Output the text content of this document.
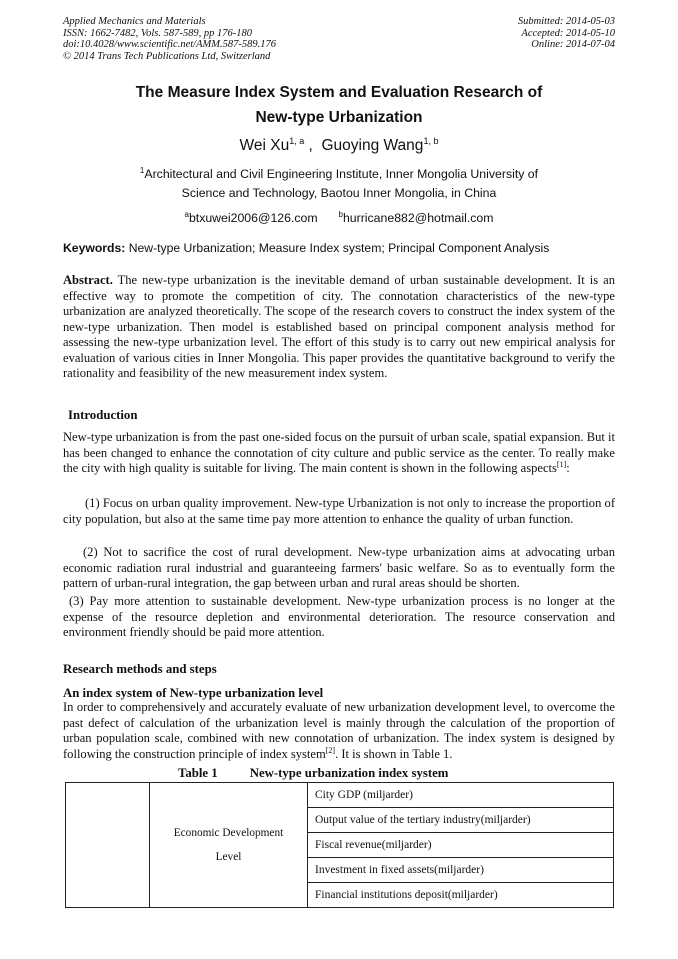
Applied Mechanics and Materials
ISSN: 1662-7482, Vols. 587-589, pp 176-180
doi:10.4028/www.scientific.net/AMM.587-589.176
© 2014 Trans Tech Publications Ltd, Switzerland
Submitted: 2014-05-03
Accepted: 2014-05-10
Online: 2014-07-04
The Measure Index System and Evaluation Research of
New-type Urbanization
Wei Xu$^{1, a}$ ,  Guoying Wang$^{1, b}$
$^1$Architectural and Civil Engineering Institute, Inner Mongolia University of
Science and Technology, Baotou Inner Mongolia, in China
$^a$btxuwei2006@126.com	$^b$hurricane882@hotmail.com
Keywords: New-type Urbanization; Measure Index system; Principal Component Analysis
Abstract. The new-type urbanization is the inevitable demand of urban sustainable development. It is an effective way to promote the competition of city. The connotation characteristics of the new-type urbanization are analyzed theoretically. The scope of the research covers to construct the index system of the new-type urbanization. Then model is established based on principal component analysis method for assessing the new-type urbanization level. The effort of this study is to carry out new empirical analysis for evaluation of various cities in Inner Mongolia. This paper provides the quantitative background to verify the rationality and feasibility of the new measurement index system.
Introduction
New-type urbanization is from the past one-sided focus on the pursuit of urban scale, spatial expansion. But it has been changed to enhance the connotation of city culture and public service as the center. To really make the city with high quality is suitable for living. The main content is shown in the following aspects[1]:
(1) Focus on urban quality improvement. New-type Urbanization is not only to increase the proportion of city population, but also at the same time pay more attention to enhance the quality of urban function.
(2) Not to sacrifice the cost of rural development. New-type urbanization aims at advocating urban economic radiation rural industrial and guaranteeing farmers' basic welfare. So as to eventually form the pattern of urban-rural integration, the gap between urban and rural areas should be shorten.
(3) Pay more attention to sustainable development. New-type urbanization process is no longer at the expense of the resource depletion and environmental deterioration. The resource conservation and environment friendly should be paid more attention.
Research methods and steps
An index system of New-type urbanization level
In order to comprehensively and accurately evaluate of new urbanization development level, to overcome the past defect of calculation of the urbanization level is mainly through the calculation of the proportion of urban population scale, combined with new connotation of urbanization. The index system is designed by following the construction principle of index system[2]. It is shown in Table 1.
Table 1	New-type urbanization index system

Economic Development
Level
	City GDP (miljarder)
Output value of the tertiary industry(miljarder)
Fiscal revenue(miljarder)
Investment in fixed assets(miljarder)
Financial institutions deposit(miljarder)
